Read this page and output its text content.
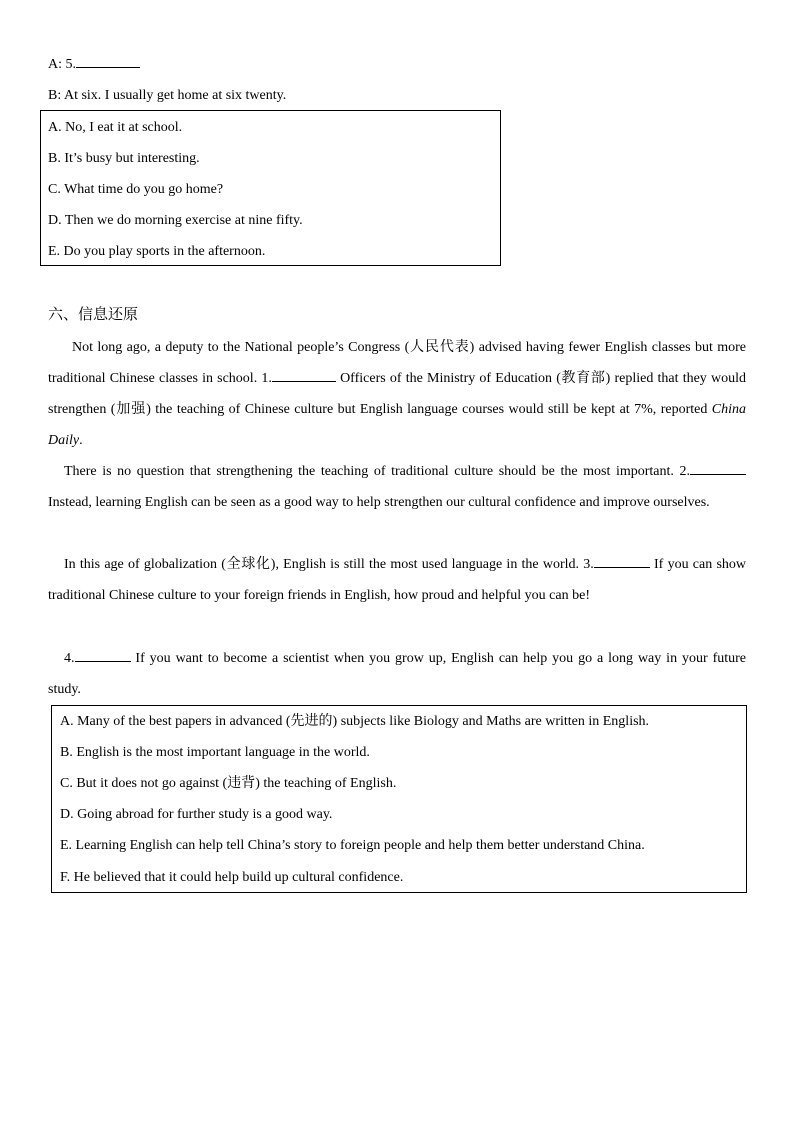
A: 5.
B: At six. I usually get home at six twenty.
A. No, I eat it at school.
B. It’s busy but interesting.
C. What time do you go home?
D. Then we do morning exercise at nine fifty.
E. Do you play sports in the afternoon.
六、信息还原
Not long ago, a deputy to the National people’s Congress (人民代表) advised having fewer English classes but more traditional Chinese classes in school. 1.	Officers of the Ministry of Education (教育部) replied that they would strengthen (加强) the teaching of Chinese culture but English language courses would still be kept at 7%, reported China Daily.
There is no question that strengthening the teaching of traditional culture should be the most important. 2. Instead, learning English can be seen as a good way to help strengthen our cultural confidence and improve ourselves.
In this age of globalization (全球化), English is still the most used language in the world. 3.	If you can show traditional Chinese culture to your foreign friends in English, how proud and helpful you can be!
4.	If you want to become a scientist when you grow up, English can help you go a long way in your future study.
A. Many of the best papers in advanced (先进的) subjects like Biology and Maths are written in English.
B. English is the most important language in the world.
C. But it does not go against (违背) the teaching of English.
D. Going abroad for further study is a good way.
E. Learning English can help tell China’s story to foreign people and help them better understand China.
F. He believed that it could help build up cultural confidence.
